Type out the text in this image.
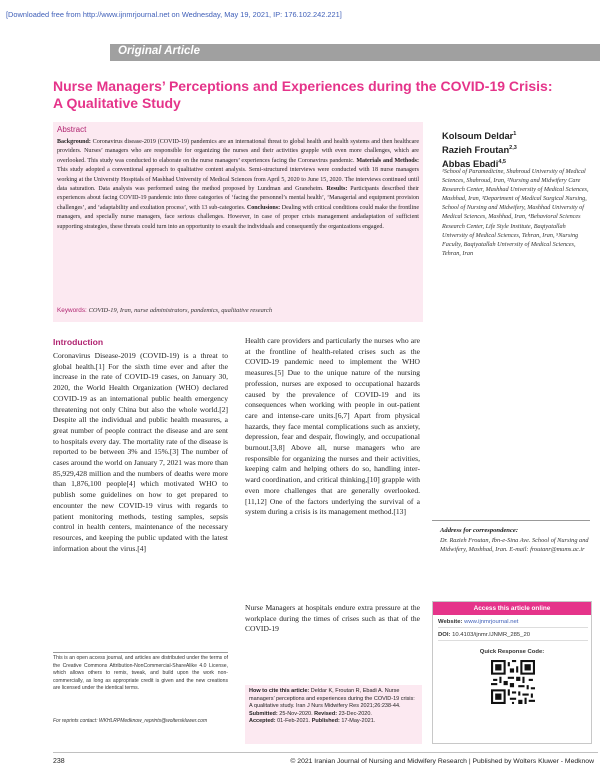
[Downloaded free from http://www.ijnmrjournal.net on Wednesday, May 19, 2021, IP: 176.102.242.221]
Original Article
Nurse Managers’ Perceptions and Experiences during the COVID-19 Crisis: A Qualitative Study
Abstract
Background: Coronavirus disease-2019 (COVID-19) pandemics are an international threat to global health and health systems and then healthcare providers. Nurses’ managers who are responsible for organizing the nurses and their activities grapple with even more challenges, which are overlooked. This study was conducted to elaborate on the nurse managers’ experiences facing the Coronavirus pandemic. Materials and Methods: This study adopted a conventional approach to qualitative content analysis. Semi-structured interviews were conducted with 18 nurse managers working at the University Hospitals of Mashhad University of Medical Sciences from April 5, 2020 to June 15, 2020. The interviews continued until data saturation. Data analysis was performed using the method proposed by Lundman and Graneheim. Results: Participants described their experiences about facing COVID-19 pandemic into three categories of ‘facing the personnel’s mental health’, ‘Managerial and equipment provision challenges’, and ‘adaptability and exultation process’, with 13 sub-categories. Conclusions: Dealing with critical conditions could make the frontline managers, and specially nurse managers, face serious challenges. However, in case of proper crisis management andadaptation of sufficient supporting strategies, these threats could turn into an opportunity to exault the individuals and consequently the organizations engaged.
Keywords: COVID-19, Iran, nurse administrators, pandemics, qualitative research
Kolsoum Deldar$^1$
Razieh Froutan$^{2,3}$
Abbas Ebadi$^{4,5}$
¹School of Paramedicine, Shahroud University of Medical Sciences, Shahroud, Iran, ²Nursing and Midwifery Care Research Center, Mashhad University of Medical Sciences, Mashhad, Iran, ³Department of Medical Surgical Nursing, School of Nursing and Midwifery, Mashhad University of Medical Sciences, Mashhad, Iran, ⁴Behavioral Sciences Research Center, Life Style Institute, Baqiyatallah University of Medical Sciences, Tehran, Iran, ⁵Nursing Faculty, Baqiyatallah University of Medical Sciences, Tehran, Iran
Introduction
Coronavirus Disease-2019 (COVID-19) is a threat to global health.[1] For the sixth time ever and after the increase in the rate of COVID-19 cases, on January 30, 2020, the World Health Organization (WHO) declared COVID-19 as an international public health emergency threatening not only China but also the whole world.[2] Despite all the individual and public health measures, a great number of people contract the disease and are sent to hospitals every day. The mortality rate of the disease is reported to be between 3% and 15%.[3] The number of cases around the world on January 7, 2021 was more than 85,929,428 million and the numbers of deaths were more than 1,876,100 people[4] which motivated WHO to publish some guidelines on how to get prepared to encounter the new COVID-19 virus with regards to patient monitoring methods, testing samples, sepsis control in health centers, maintenance of the necessary resources, and keeping the public updated with the latest information about the virus.[4]
Health care providers and particularly the nurses who are at the frontline of health-related crises such as the COVID-19 pandemic need to implement the WHO measures.[5] Due to the unique nature of the nursing profession, nurses are exposed to occupational hazards caused by the prevalence of COVID-19 and its consequences when working with people in out-patient care and intense-care units.[6,7] Apart from physical hazards, they face mental complications such as anxiety, depression, fear and despair, flowingly, and occupational burnout.[3,8] Above all, nurse managers who are responsible for organizing the nurses and their activities, keeping calm and helping others do so, handling inter-ward coordination, and critical thinking,[10] grapple with even more challenges that are generally overlooked.[11,12] One of the factors underlying the survival of a system during a crisis is its management method.[13]
Nurse Managers at hospitals endure extra pressure at the workplace during the times of crises such as that of the COVID-19
Address for correspondence:
Dr. Razieh Froutan, Ibn-e-Sina Ave. School of Nursing and Midwifery, Mashhad, Iran. E-mail: froutanr@mums.ac.ir
Access this article online
Website: www.ijnmrjournal.net
DOI: 10.4103/ijnmr.IJNMR_285_20
Quick Response Code:
This is an open access journal, and articles are distributed under the terms of the Creative Commons Attribution-NonCommercial-ShareAlike 4.0 License, which allows others to remix, tweak, and build upon the work non-commercially, as long as appropriate credit is given and the new creations are licensed under the identical terms.
For reprints contact: WKHLRPMedknow_reprints@wolterskluwer.com
How to cite this article: Deldar K, Froutan R, Ebadi A. Nurse managers’ perceptions and experiences during the COVID-19 crisis: A qualitative study. Iran J Nurs Midwifery Res 2021;26:238-44.
Submitted: 25-Nov-2020. Revised: 23-Dec-2020.
Accepted: 01-Feb-2021. Published: 17-May-2021.
238	© 2021 Iranian Journal of Nursing and Midwifery Research | Published by Wolters Kluwer - Medknow
